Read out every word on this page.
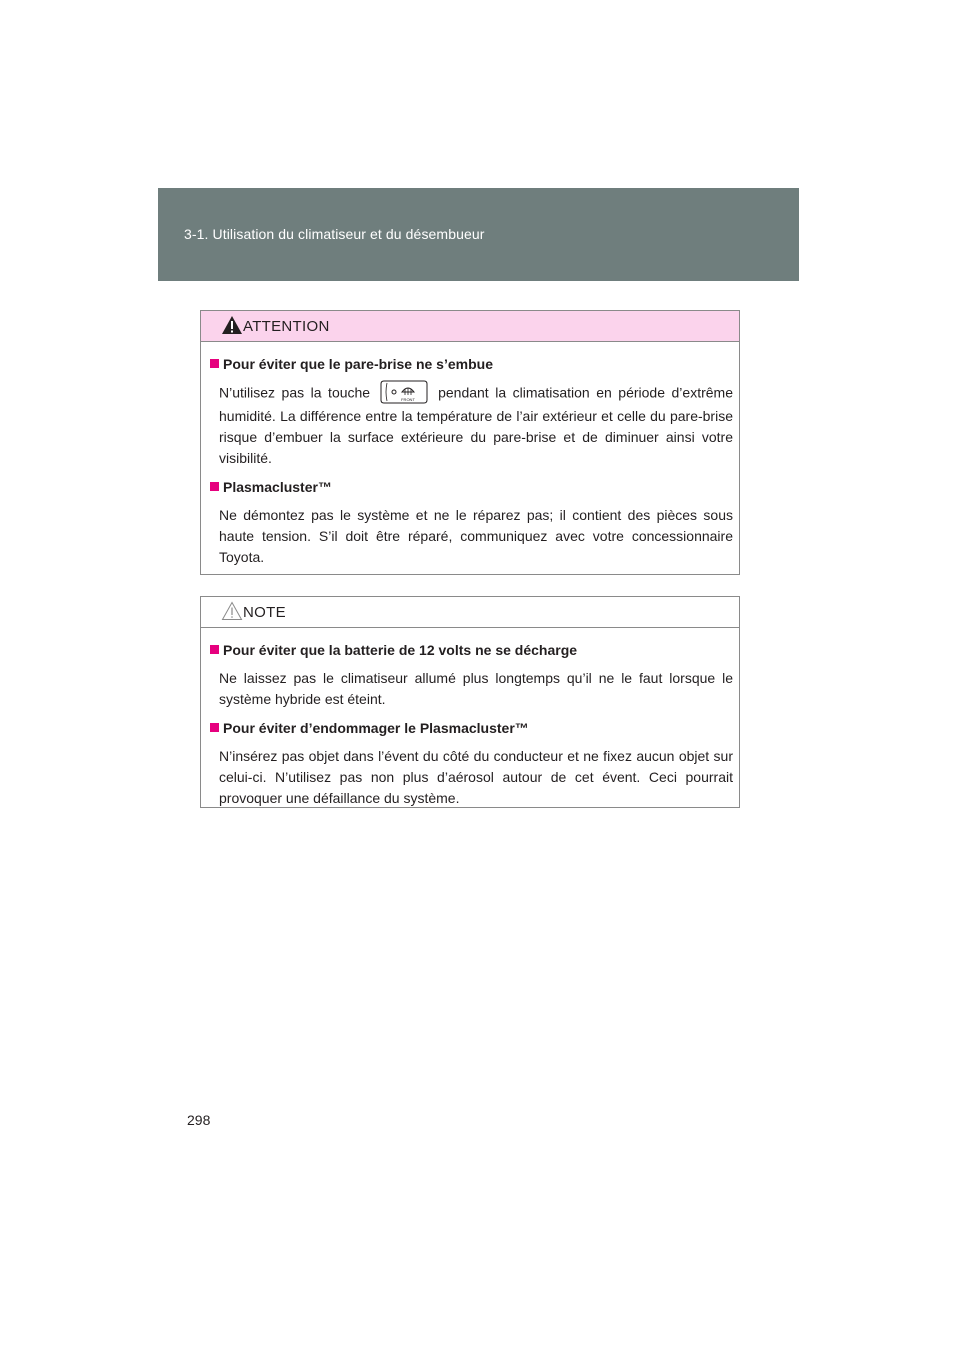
3-1. Utilisation du climatiseur et du désembueur
ATTENTION
Pour éviter que le pare-brise ne s’embue
N’utilisez pas la touche	FRONT pendant la climatisation en période d’extrême humidité. La différence entre la température de l’air extérieur et celle du pare-brise risque d’embuer la surface extérieure du pare-brise et de diminuer ainsi votre visibilité.
Plasmacluster™
Ne démontez pas le système et ne le réparez pas; il contient des pièces sous haute tension. S’il doit être réparé, communiquez avec votre concessionnaire Toyota.
NOTE
Pour éviter que la batterie de 12 volts ne se décharge
Ne laissez pas le climatiseur allumé plus longtemps qu’il ne le faut lorsque le système hybride est éteint.
Pour éviter d’endommager le Plasmacluster™
N’insérez pas objet dans l’évent du côté du conducteur et ne fixez aucun objet sur celui-ci. N’utilisez pas non plus d’aérosol autour de cet évent. Ceci pourrait provoquer une défaillance du système.
298
